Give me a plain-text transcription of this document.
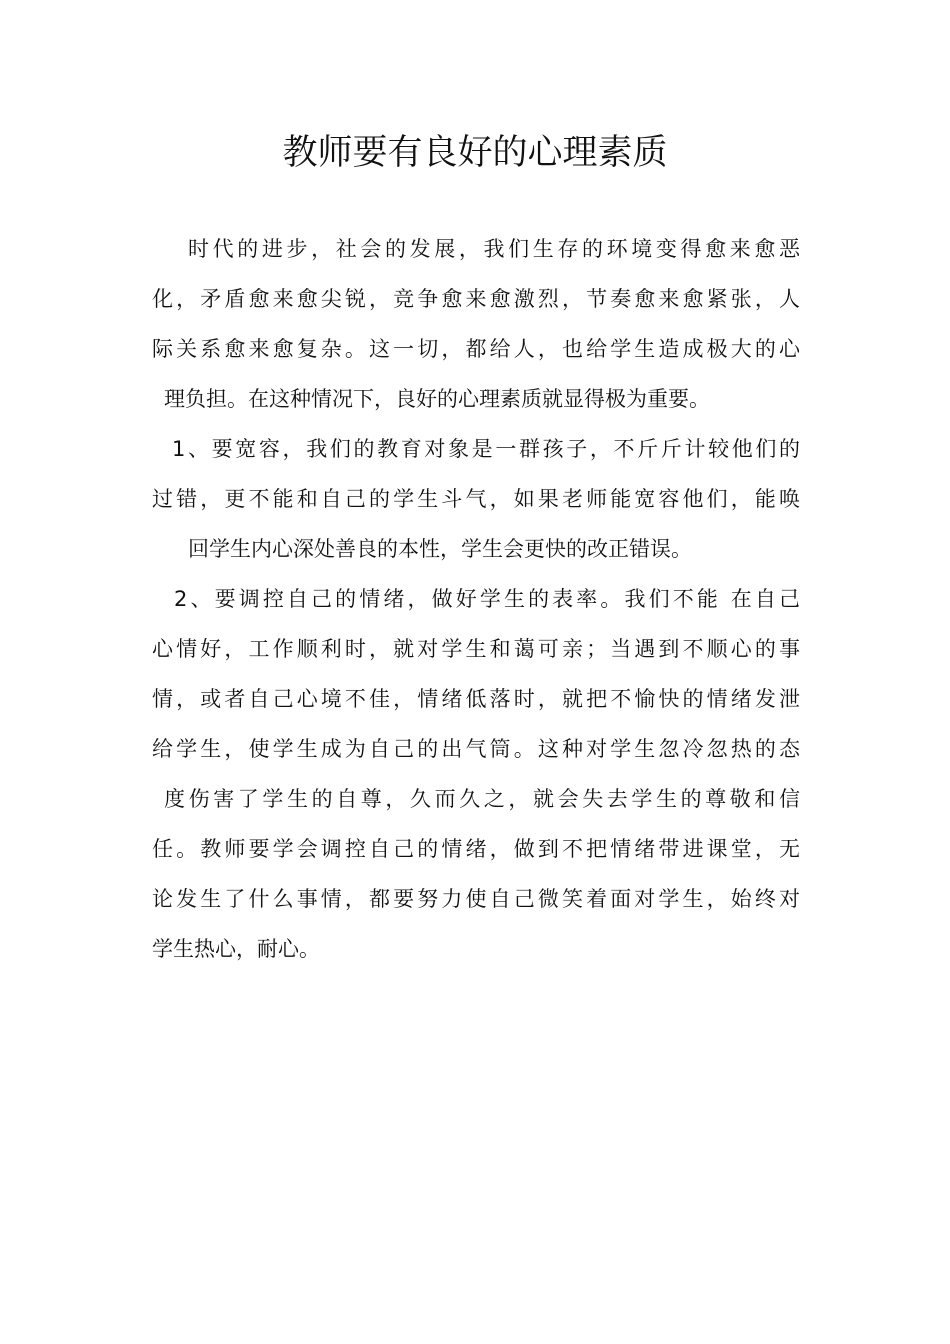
教师要有良好的心理素质
时代的进步，社会的发展，我们生存的环境变得愈来愈恶
化，矛盾愈来愈尖锐，竞争愈来愈激烈，节奏愈来愈紧张，人
际关系愈来愈复杂。这一切，都给人，也给学生造成极大的心
理负担。在这种情况下，良好的心理素质就显得极为重要。
1、要宽容，我们的教育对象是一群孩子，不斤斤计较他们的
过错，更不能和自己的学生斗气，如果老师能宽容他们，能唤
回学生内心深处善良的本性，学生会更快的改正错误。
2、要调控自己的情绪，做好学生的表率。我们不能 在自己
心情好，工作顺利时，就对学生和蔼可亲；当遇到不顺心的事
情，或者自己心境不佳，情绪低落时，就把不愉快的情绪发泄
给学生，使学生成为自己的出气筒。这种对学生忽冷忽热的态
度伤害了学生的自尊，久而久之，就会失去学生的尊敬和信
任。教师要学会调控自己的情绪，做到不把情绪带进课堂，无
论发生了什么事情，都要努力使自己微笑着面对学生，始终对
学生热心，耐心。
